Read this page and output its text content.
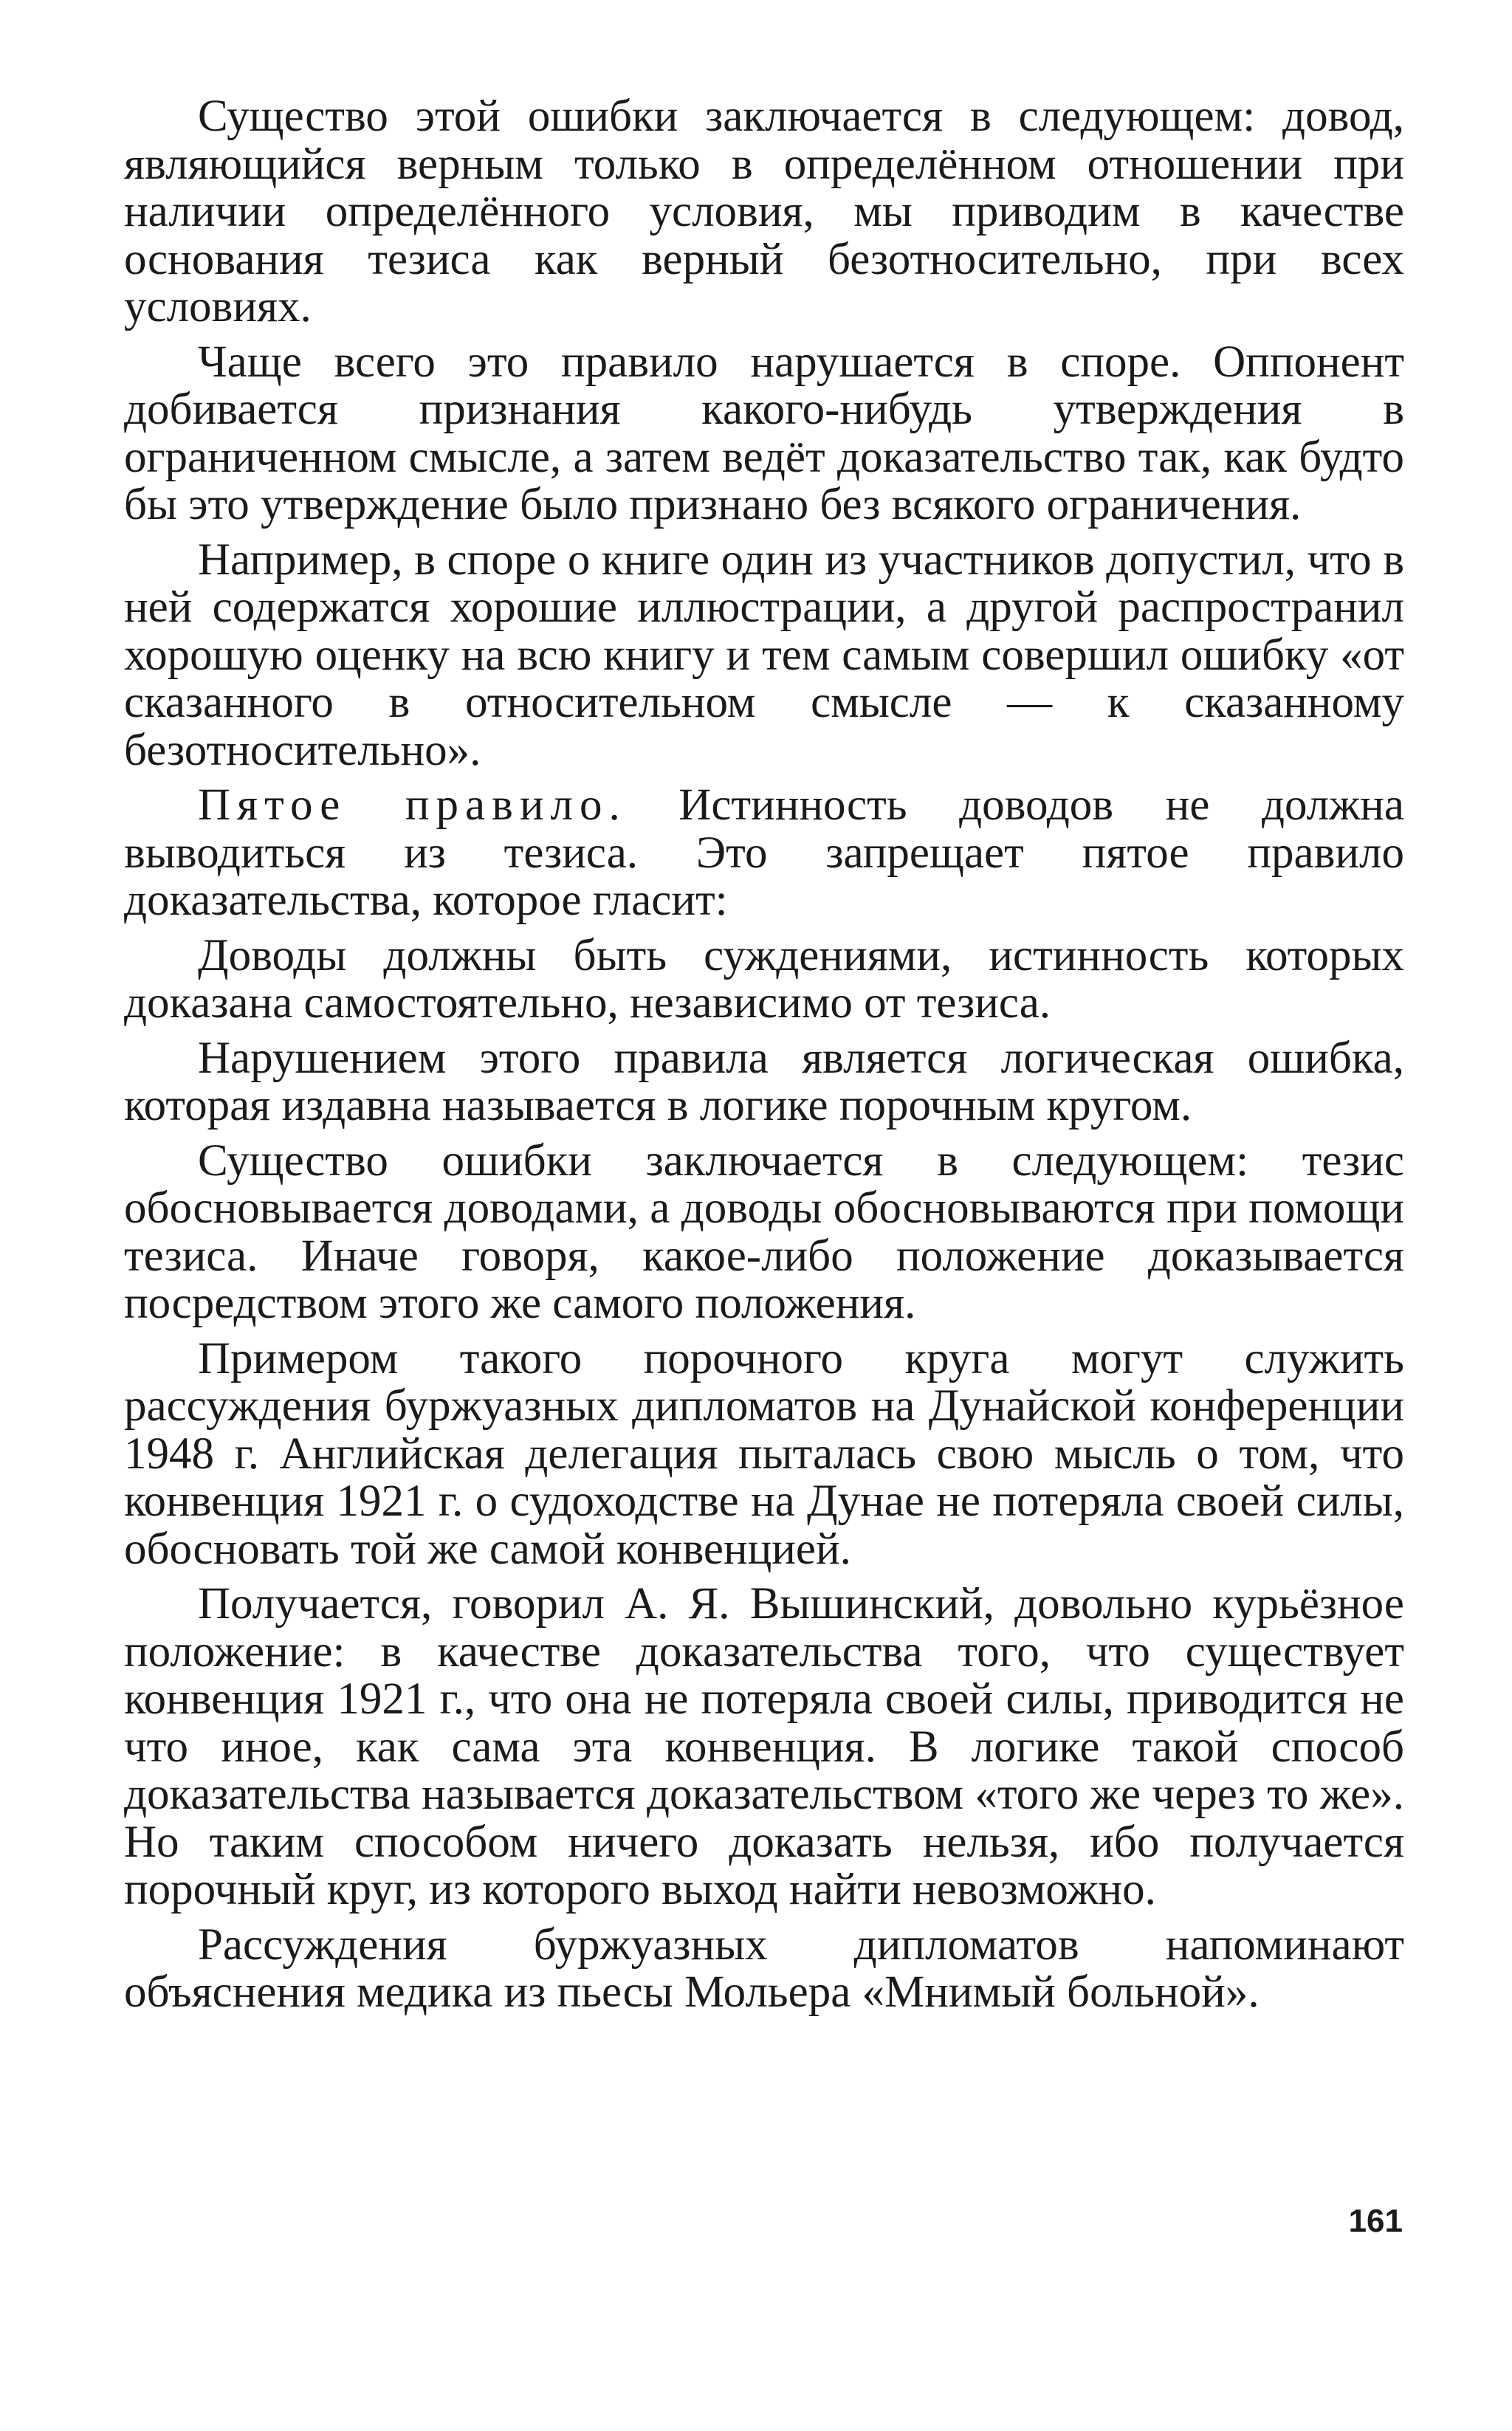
Существо этой ошибки заключается в следующем: довод, являющийся верным только в определённом отношении при наличии определённого условия, мы приводим в качестве основания тезиса как верный безотносительно, при всех условиях.

Чаще всего это правило нарушается в споре. Оппонент добивается признания какого-нибудь утверждения в ограниченном смысле, а затем ведёт доказательство так, как будто бы это утверждение было признано без всякого ограничения.

Например, в споре о книге один из участников допустил, что в ней содержатся хорошие иллюстрации, а другой распространил хорошую оценку на всю книгу и тем самым совершил ошибку «от сказанного в относительном смысле — к сказанному безотносительно».

Пятое правило. Истинность доводов не должна выводиться из тезиса. Это запрещает пятое правило доказательства, которое гласит:

Доводы должны быть суждениями, истинность которых доказана самостоятельно, независимо от тезиса.

Нарушением этого правила является логическая ошибка, которая издавна называется в логике порочным кругом.

Существо ошибки заключается в следующем: тезис обосновывается доводами, а доводы обосновываются при помощи тезиса. Иначе говоря, какое-либо положение доказывается посредством этого же самого положения.

Примером такого порочного круга могут служить рассуждения буржуазных дипломатов на Дунайской конференции 1948 г. Английская делегация пыталась свою мысль о том, что конвенция 1921 г. о судоходстве на Дунае не потеряла своей силы, обосновать той же самой конвенцией.

Получается, говорил А. Я. Вышинский, довольно курьёзное положение: в качестве доказательства того, что существует конвенция 1921 г., что она не потеряла своей силы, приводится не что иное, как сама эта конвенция. В логике такой способ доказательства называется доказательством «того же через то же». Но таким способом ничего доказать нельзя, ибо получается порочный круг, из которого выход найти невозможно.

Рассуждения буржуазных дипломатов напоминают объяснения медика из пьесы Мольера «Мнимый больной».

161
